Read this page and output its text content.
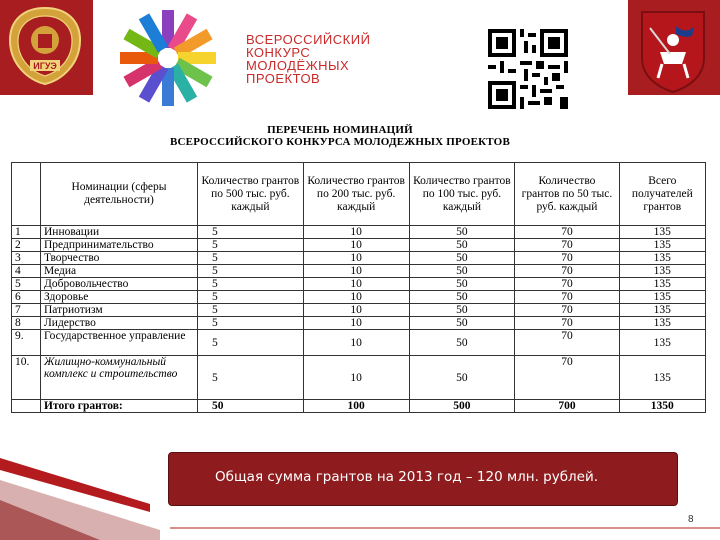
ИГУЭ
ВСЕРОССИЙСКИЙ
КОНКУРС
МОЛОДЁЖНЫХ
ПРОЕКТОВ
ПЕРЕЧЕНЬ НОМИНАЦИЙ
ВСЕРОССИЙСКОГО КОНКУРСА МОЛОДЕЖНЫХ ПРОЕКТОВ
	Номинации (сферы деятельности)	Количество грантов по 500 тыс. руб. каждый	Количество грантов по 200 тыс. руб. каждый	Количество грантов по 100 тыс. руб. каждый	Количество грантов по 50 тыс. руб. каждый	Всего получателей грантов
1	Инновации	5	10	50	70	135
2	Предпринимательство	5	10	50	70	135
3	Творчество	5	10	50	70	135
4	Медиа	5	10	50	70	135
5	Добровольчество	5	10	50	70	135
6	Здоровье	5	10	50	70	135
7	Патриотизм	5	10	50	70	135
8	Лидерство	5	10	50	70	135
9.	Государственное управление	5	10	50	70	135
10.	Жилищно-коммунальный комплекс и строительство	5	10	50	70	135
	Итого грантов:	50	100	500	700	1350
Общая сумма грантов на 2013 год – 120 млн. рублей.
8
